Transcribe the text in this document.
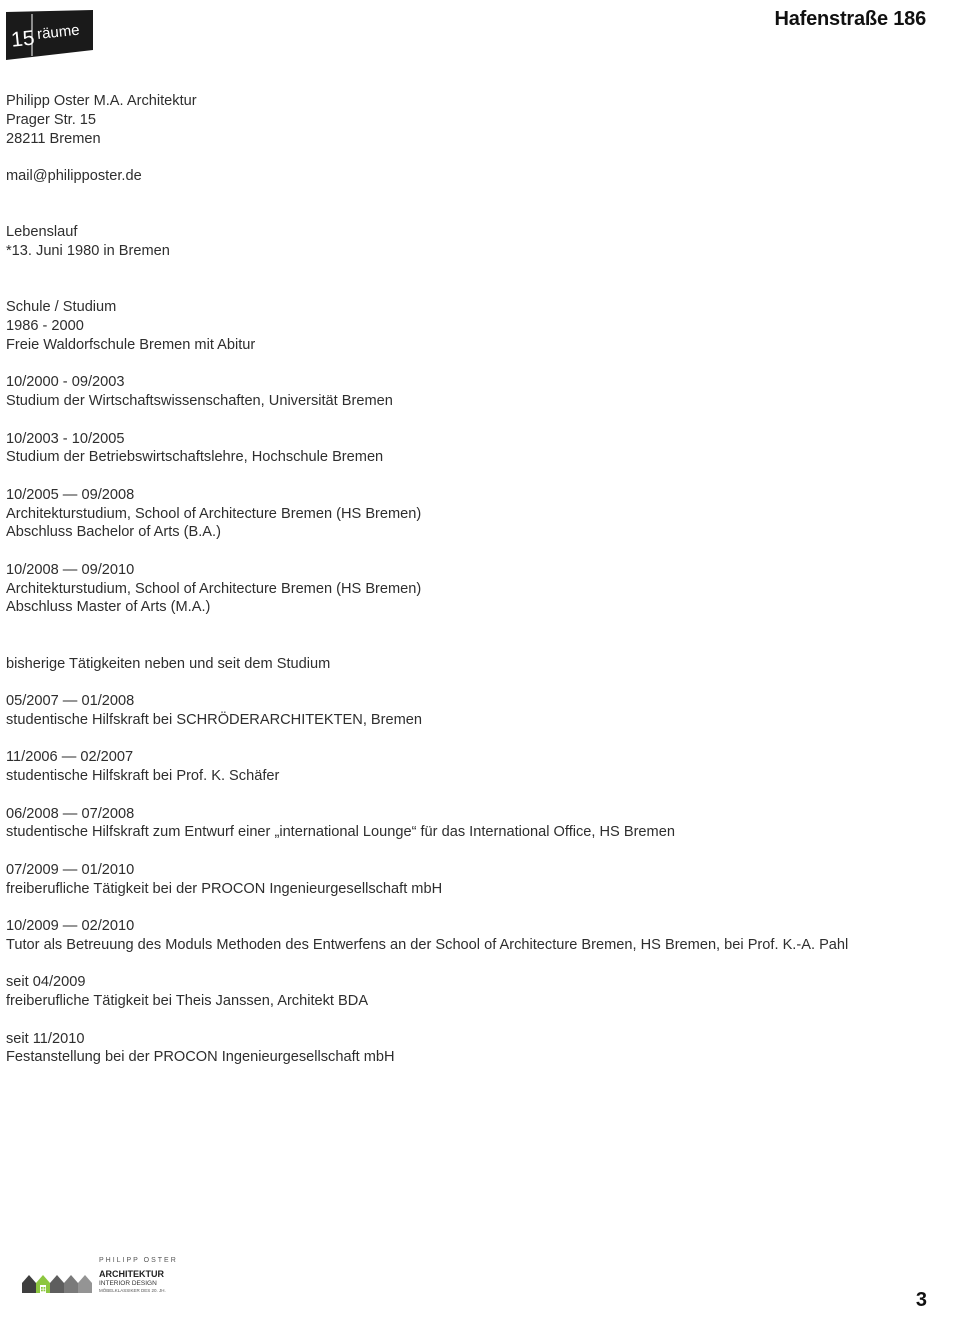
15 räume
Hafenstraße 186
Philipp Oster M.A. Architektur
Prager Str. 15
28211 Bremen
mail@philipposter.de
Lebenslauf
*13. Juni 1980 in Bremen
Schule / Studium
1986 - 2000
Freie Waldorfschule Bremen mit Abitur
10/2000 - 09/2003
Studium der Wirtschaftswissenschaften, Universität Bremen
10/2003 - 10/2005
Studium der Betriebswirtschaftslehre, Hochschule Bremen
10/2005 — 09/2008
Architekturstudium, School of Architecture Bremen (HS Bremen)
Abschluss Bachelor of Arts (B.A.)
10/2008 — 09/2010
Architekturstudium, School of Architecture Bremen (HS Bremen)
Abschluss Master of Arts (M.A.)
bisherige Tätigkeiten neben und seit dem Studium
05/2007 — 01/2008
studentische Hilfskraft bei SCHRÖDERARCHITEKTEN, Bremen
11/2006 — 02/2007
studentische Hilfskraft bei Prof. K. Schäfer
06/2008 — 07/2008
studentische Hilfskraft zum Entwurf einer „international Lounge“ für das International Office, HS Bremen
07/2009 — 01/2010
freiberufliche Tätigkeit bei der PROCON Ingenieurgesellschaft mbH
10/2009 — 02/2010
Tutor als Betreuung des Moduls Methoden des Entwerfens an der School of Architecture Bremen, HS Bremen, bei Prof. K.-A. Pahl
seit 04/2009
freiberufliche Tätigkeit bei Theis Janssen, Architekt BDA
seit 11/2010
Festanstellung bei der PROCON Ingenieurgesellschaft mbH
PHILIPP OSTER
ARCHITEKTUR
INTERIOR DESIGN
MÖBELKLASSIKER DES 20. JH.	3
